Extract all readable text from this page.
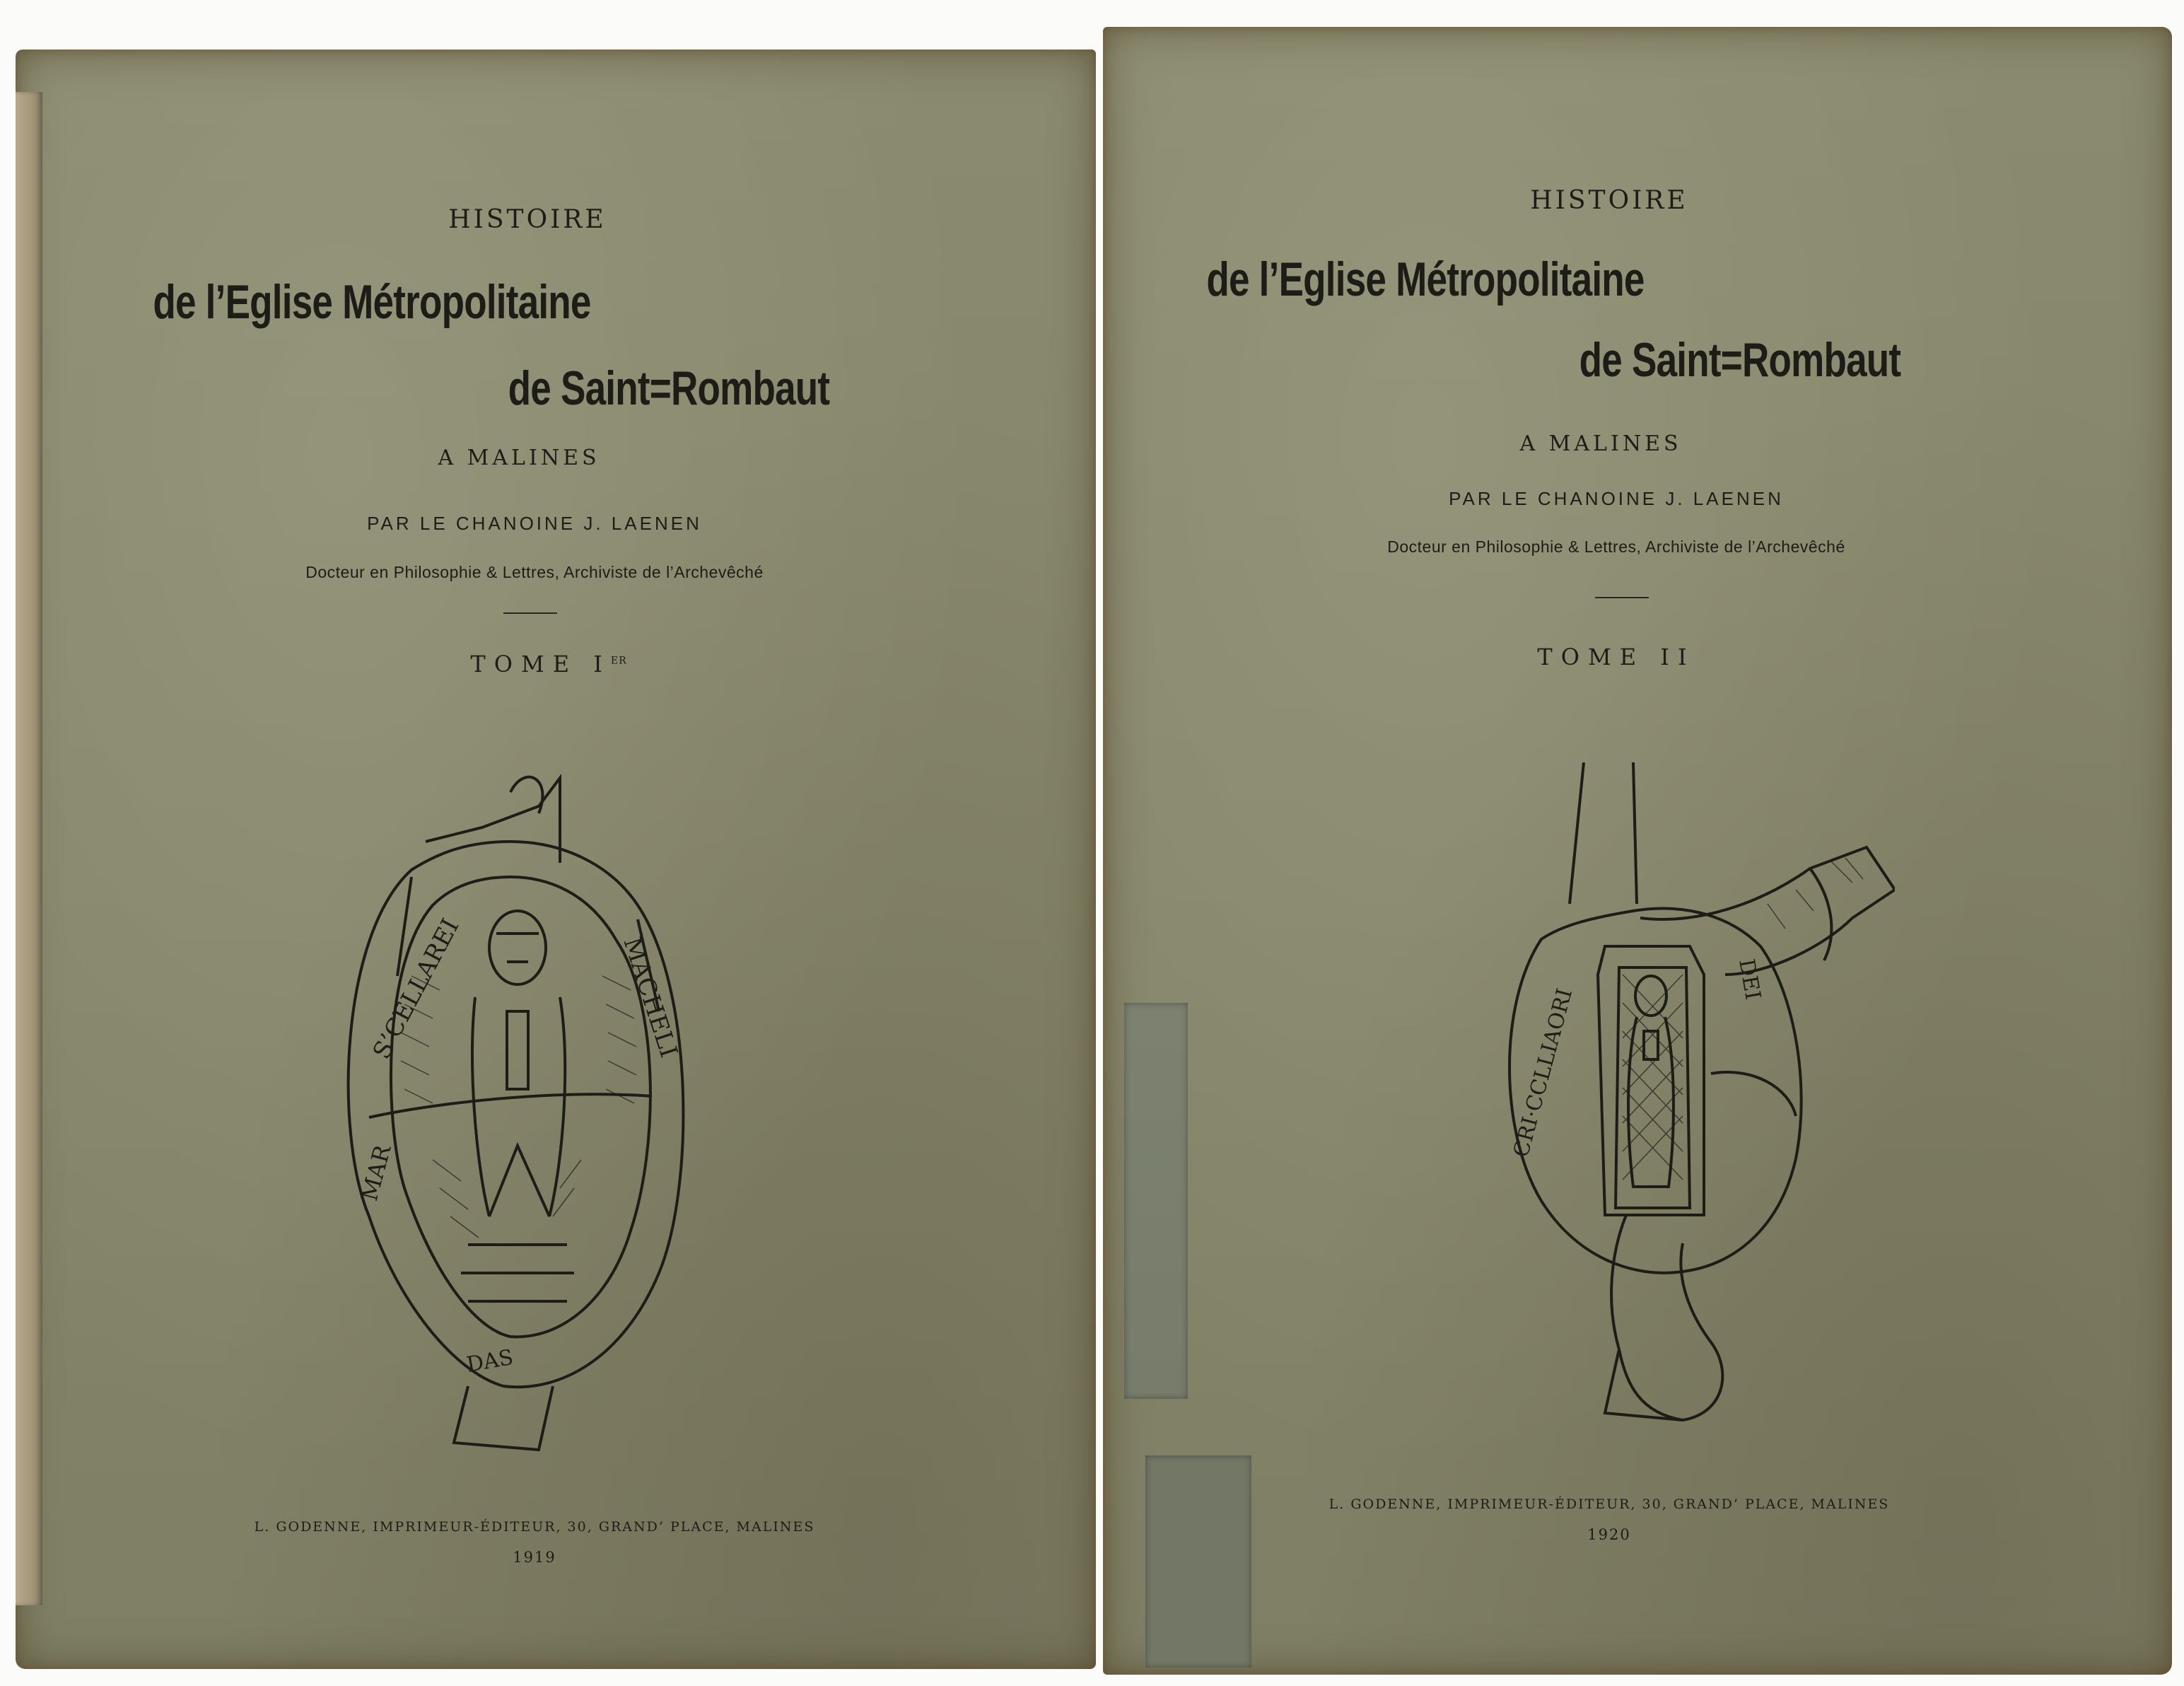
HISTOIRE
de l’Eglise Métropolitaine
de Saint=Rombaut
A MALINES
PAR LE CHANOINE J. LAENEN
Docteur en Philosophie & Lettres, Archiviste de l’Archevêché
TOME IER
S’CELLAREI	MACHELI
MAR
DAS
L. GODENNE, IMPRIMEUR-ÉDITEUR, 30, GRAND’ PLACE, MALINES
1919
HISTOIRE
de l’Eglise Métropolitaine
de Saint=Rombaut
A MALINES
PAR LE CHANOINE J. LAENEN
Docteur en Philosophie & Lettres, Archiviste de l’Archevêché
TOME II
CRI·CCLLIAORI
DEI
L. GODENNE, IMPRIMEUR-ÉDITEUR, 30, GRAND’ PLACE, MALINES
1920
